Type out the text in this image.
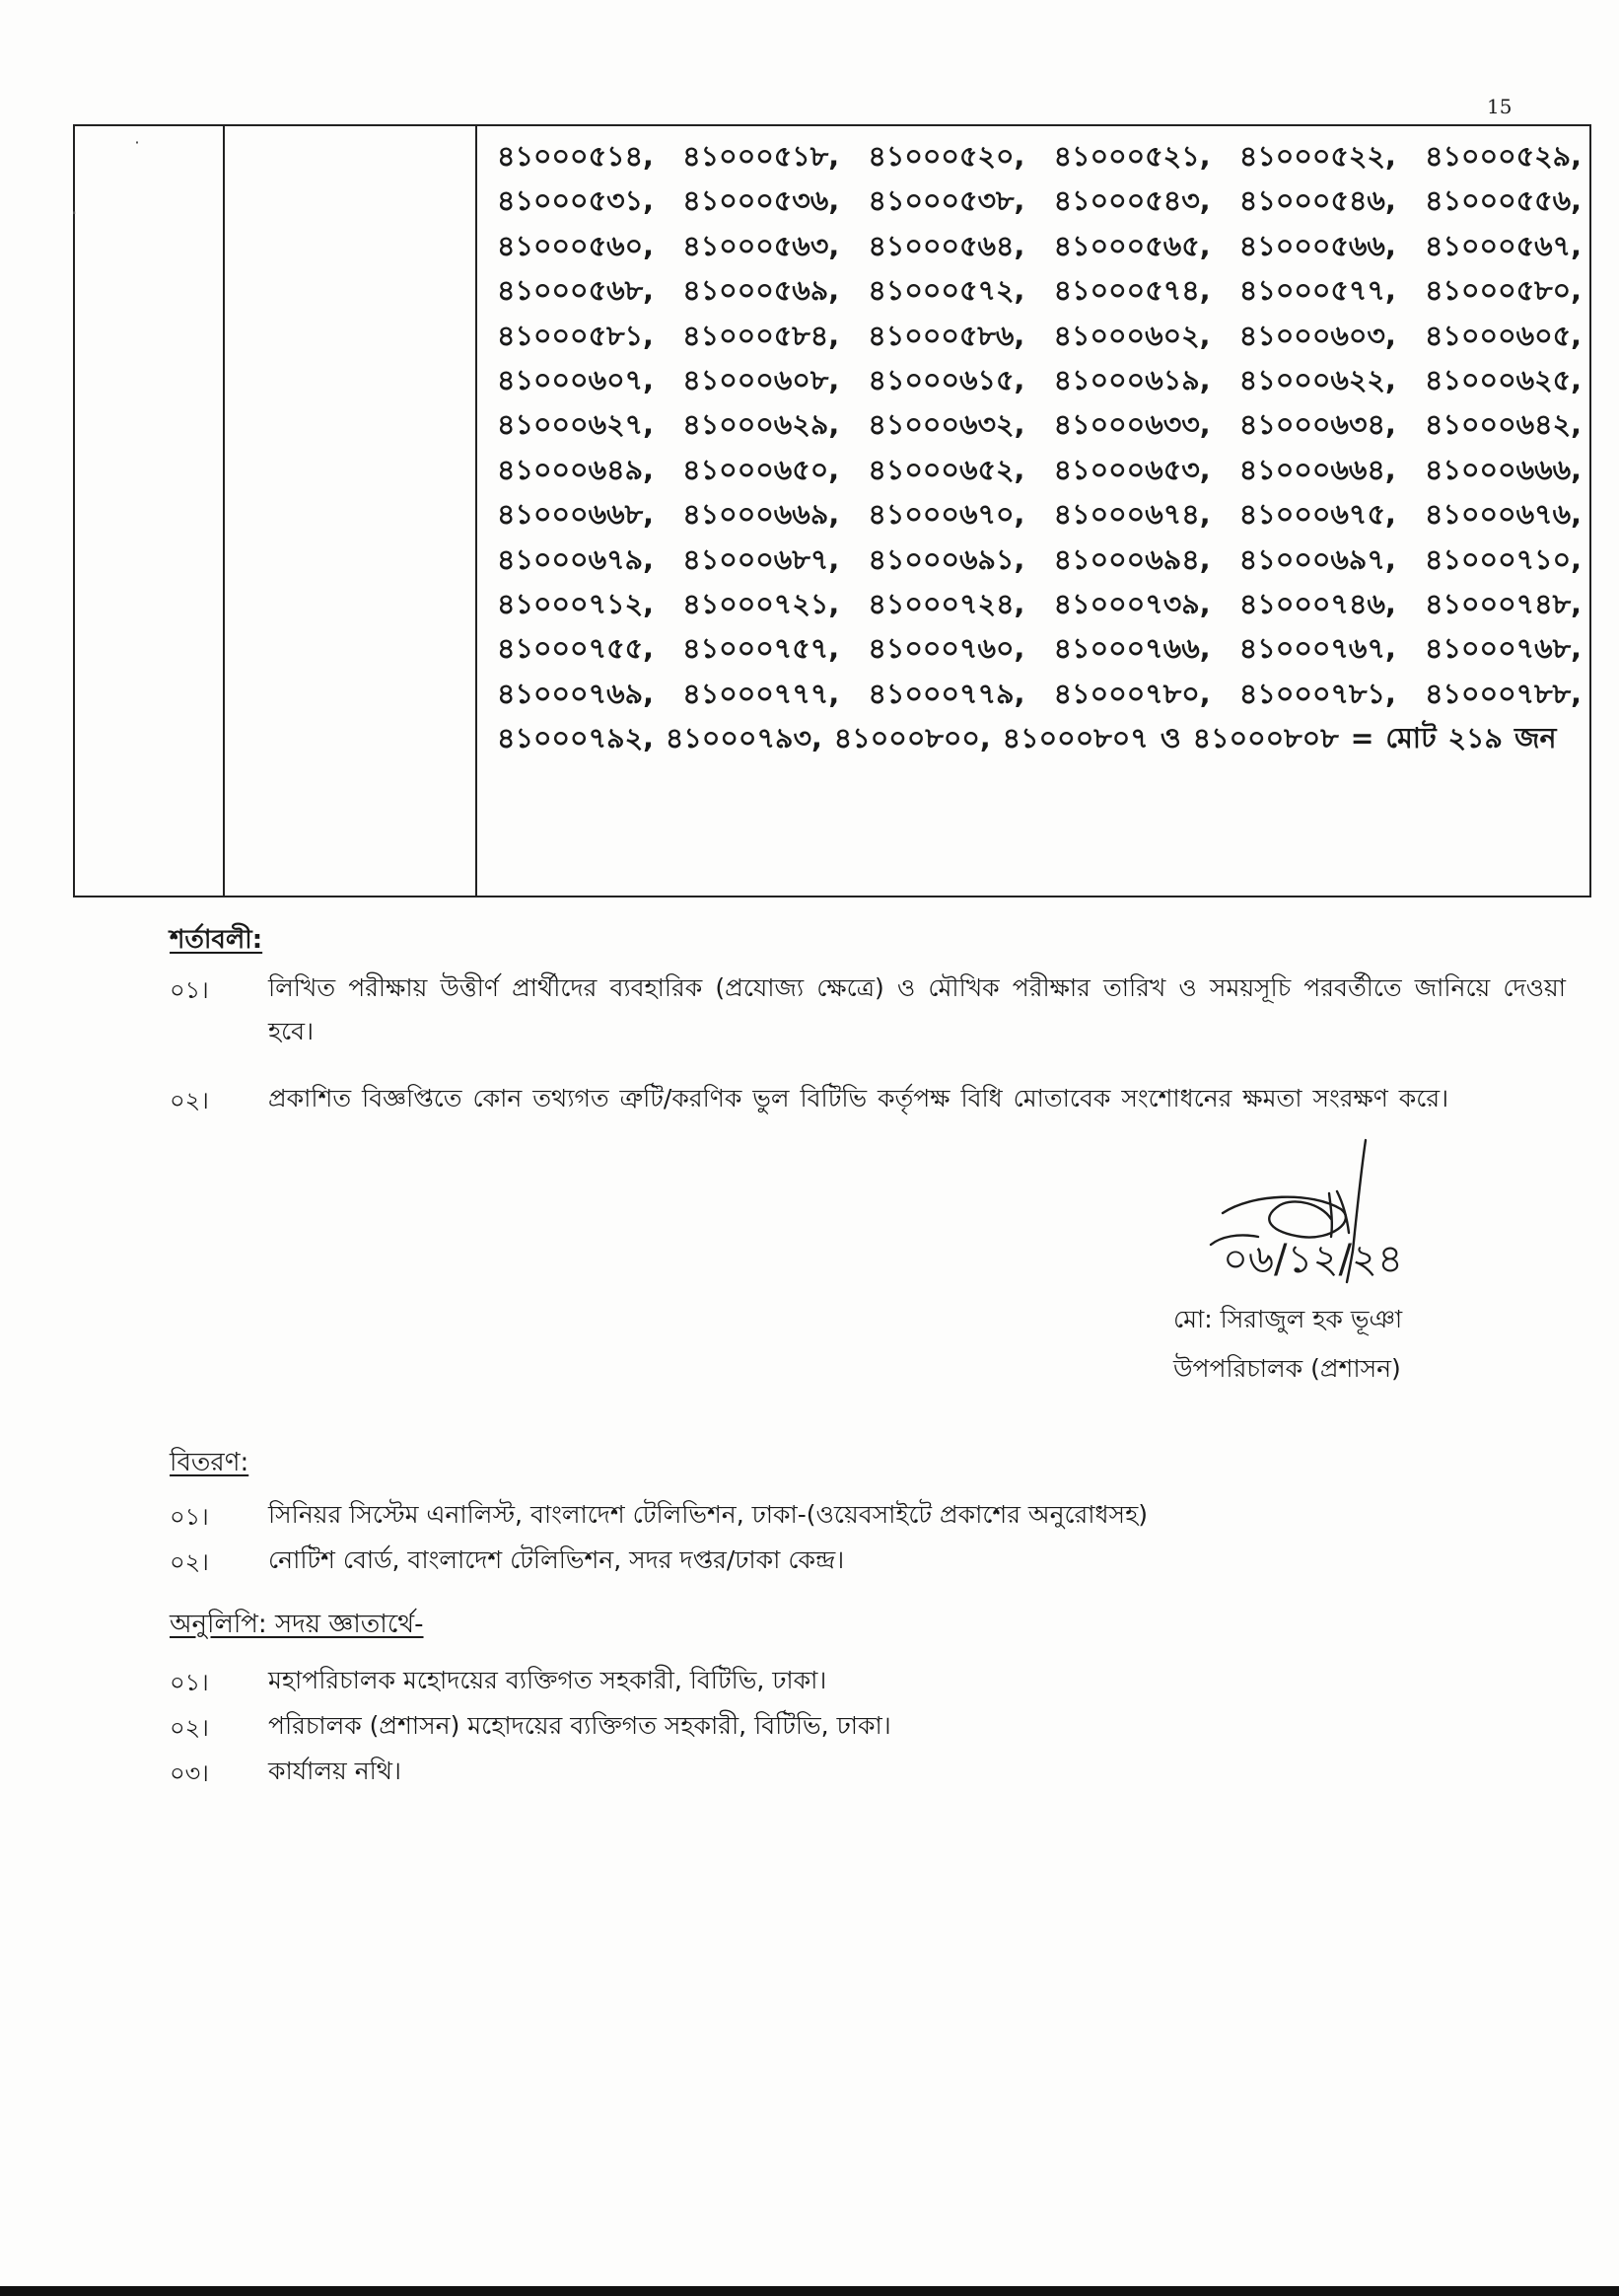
15
˙
·
৪১০০০৫১৪, ৪১০০০৫১৮, ৪১০০০৫২০, ৪১০০০৫২১, ৪১০০০৫২২, ৪১০০০৫২৯, ৪১০০০৫৩১, ৪১০০০৫৩৬, ৪১০০০৫৩৮, ৪১০০০৫৪৩, ৪১০০০৫৪৬, ৪১০০০৫৫৬, ৪১০০০৫৬০, ৪১০০০৫৬৩, ৪১০০০৫৬৪, ৪১০০০৫৬৫, ৪১০০০৫৬৬, ৪১০০০৫৬৭, ৪১০০০৫৬৮, ৪১০০০৫৬৯, ৪১০০০৫৭২, ৪১০০০৫৭৪, ৪১০০০৫৭৭, ৪১০০০৫৮০, ৪১০০০৫৮১, ৪১০০০৫৮৪, ৪১০০০৫৮৬, ৪১০০০৬০২, ৪১০০০৬০৩, ৪১০০০৬০৫, ৪১০০০৬০৭, ৪১০০০৬০৮, ৪১০০০৬১৫, ৪১০০০৬১৯, ৪১০০০৬২২, ৪১০০০৬২৫, ৪১০০০৬২৭, ৪১০০০৬২৯, ৪১০০০৬৩২, ৪১০০০৬৩৩, ৪১০০০৬৩৪, ৪১০০০৬৪২, ৪১০০০৬৪৯, ৪১০০০৬৫০, ৪১০০০৬৫২, ৪১০০০৬৫৩, ৪১০০০৬৬৪, ৪১০০০৬৬৬, ৪১০০০৬৬৮, ৪১০০০৬৬৯, ৪১০০০৬৭০, ৪১০০০৬৭৪, ৪১০০০৬৭৫, ৪১০০০৬৭৬, ৪১০০০৬৭৯, ৪১০০০৬৮৭, ৪১০০০৬৯১, ৪১০০০৬৯৪, ৪১০০০৬৯৭, ৪১০০০৭১০, ৪১০০০৭১২, ৪১০০০৭২১, ৪১০০০৭২৪, ৪১০০০৭৩৯, ৪১০০০৭৪৬, ৪১০০০৭৪৮, ৪১০০০৭৫৫, ৪১০০০৭৫৭, ৪১০০০৭৬০, ৪১০০০৭৬৬, ৪১০০০৭৬৭, ৪১০০০৭৬৮, ৪১০০০৭৬৯, ৪১০০০৭৭৭, ৪১০০০৭৭৯, ৪১০০০৭৮০, ৪১০০০৭৮১, ৪১০০০৭৮৮, ৪১০০০৭৯২, ৪১০০০৭৯৩, ৪১০০০৮০০, ৪১০০০৮০৭ ও ৪১০০০৮০৮ = মোট ২১৯ জন
শর্তাবলী:
০১। লিখিত পরীক্ষায় উত্তীর্ণ প্রার্থীদের ব্যবহারিক (প্রযোজ্য ক্ষেত্রে) ও মৌখিক পরীক্ষার তারিখ ও সময়সূচি পরবর্তীতে জানিয়ে দেওয়া হবে।
০২। প্রকাশিত বিজ্ঞপ্তিতে কোন তথ্যগত ত্রুটি/করণিক ভুল বিটিভি কর্তৃপক্ষ বিধি মোতাবেক সংশোধনের ক্ষমতা সংরক্ষণ করে।
০৬/১২/২৪
মো: সিরাজুল হক ভূঞা
উপপরিচালক (প্রশাসন)
বিতরণ:
০১। সিনিয়র সিস্টেম এনালিস্ট, বাংলাদেশ টেলিভিশন, ঢাকা-(ওয়েবসাইটে প্রকাশের অনুরোধসহ)
০২। নোটিশ বোর্ড, বাংলাদেশ টেলিভিশন, সদর দপ্তর/ঢাকা কেন্দ্র।
অনুলিপি: সদয় জ্ঞাতার্থে-
০১। মহাপরিচালক মহোদয়ের ব্যক্তিগত সহকারী, বিটিভি, ঢাকা।
০২। পরিচালক (প্রশাসন) মহোদয়ের ব্যক্তিগত সহকারী, বিটিভি, ঢাকা।
০৩। কার্যালয় নথি।
